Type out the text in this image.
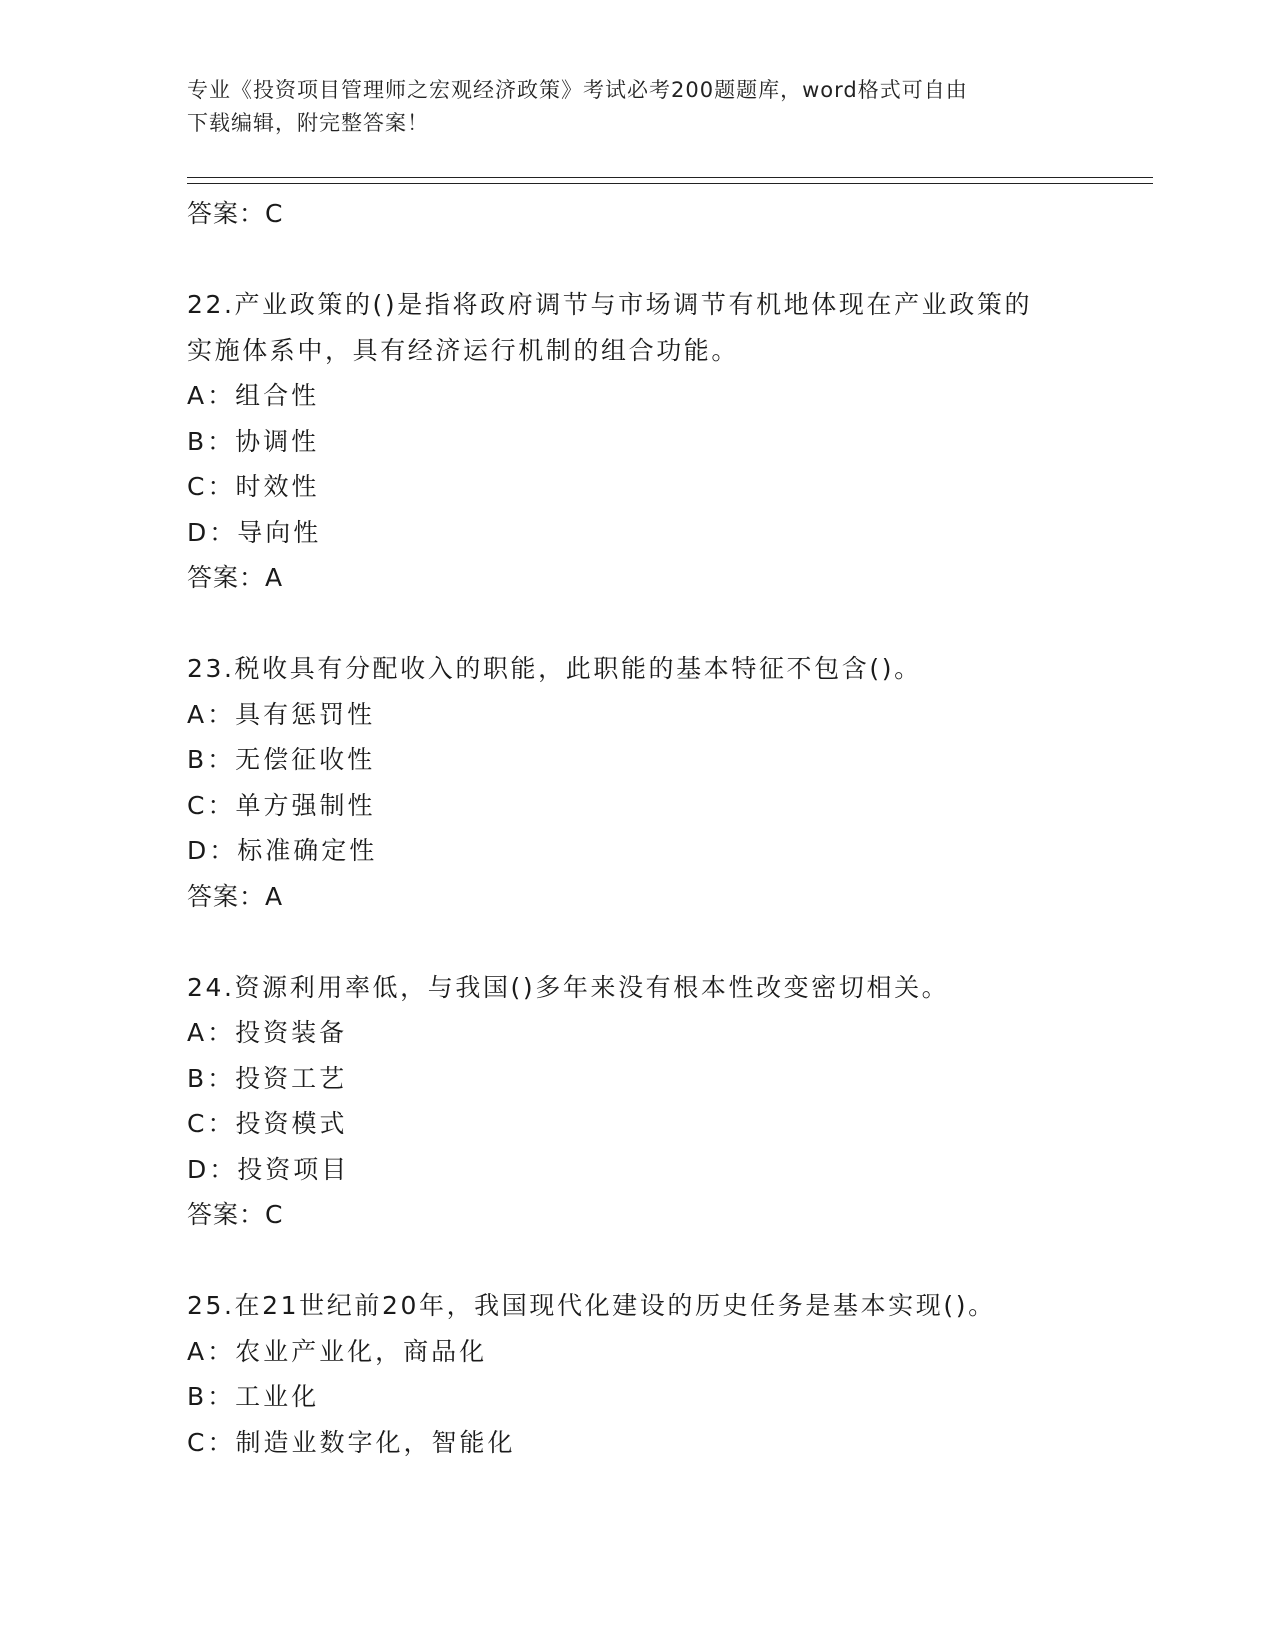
专业《投资项目管理师之宏观经济政策》考试必考200题题库，word格式可自由
下载编辑，附完整答案！
答案：C
22.产业政策的()是指将政府调节与市场调节有机地体现在产业政策的
实施体系中，具有经济运行机制的组合功能。
A：组合性
B：协调性
C：时效性
D：导向性
答案：A
23.税收具有分配收入的职能，此职能的基本特征不包含()。
A：具有惩罚性
B：无偿征收性
C：单方强制性
D：标准确定性
答案：A
24.资源利用率低，与我国()多年来没有根本性改变密切相关。
A：投资装备
B：投资工艺
C：投资模式
D：投资项目
答案：C
25.在21世纪前20年，我国现代化建设的历史任务是基本实现()。
A：农业产业化，商品化
B：工业化
C：制造业数字化，智能化
